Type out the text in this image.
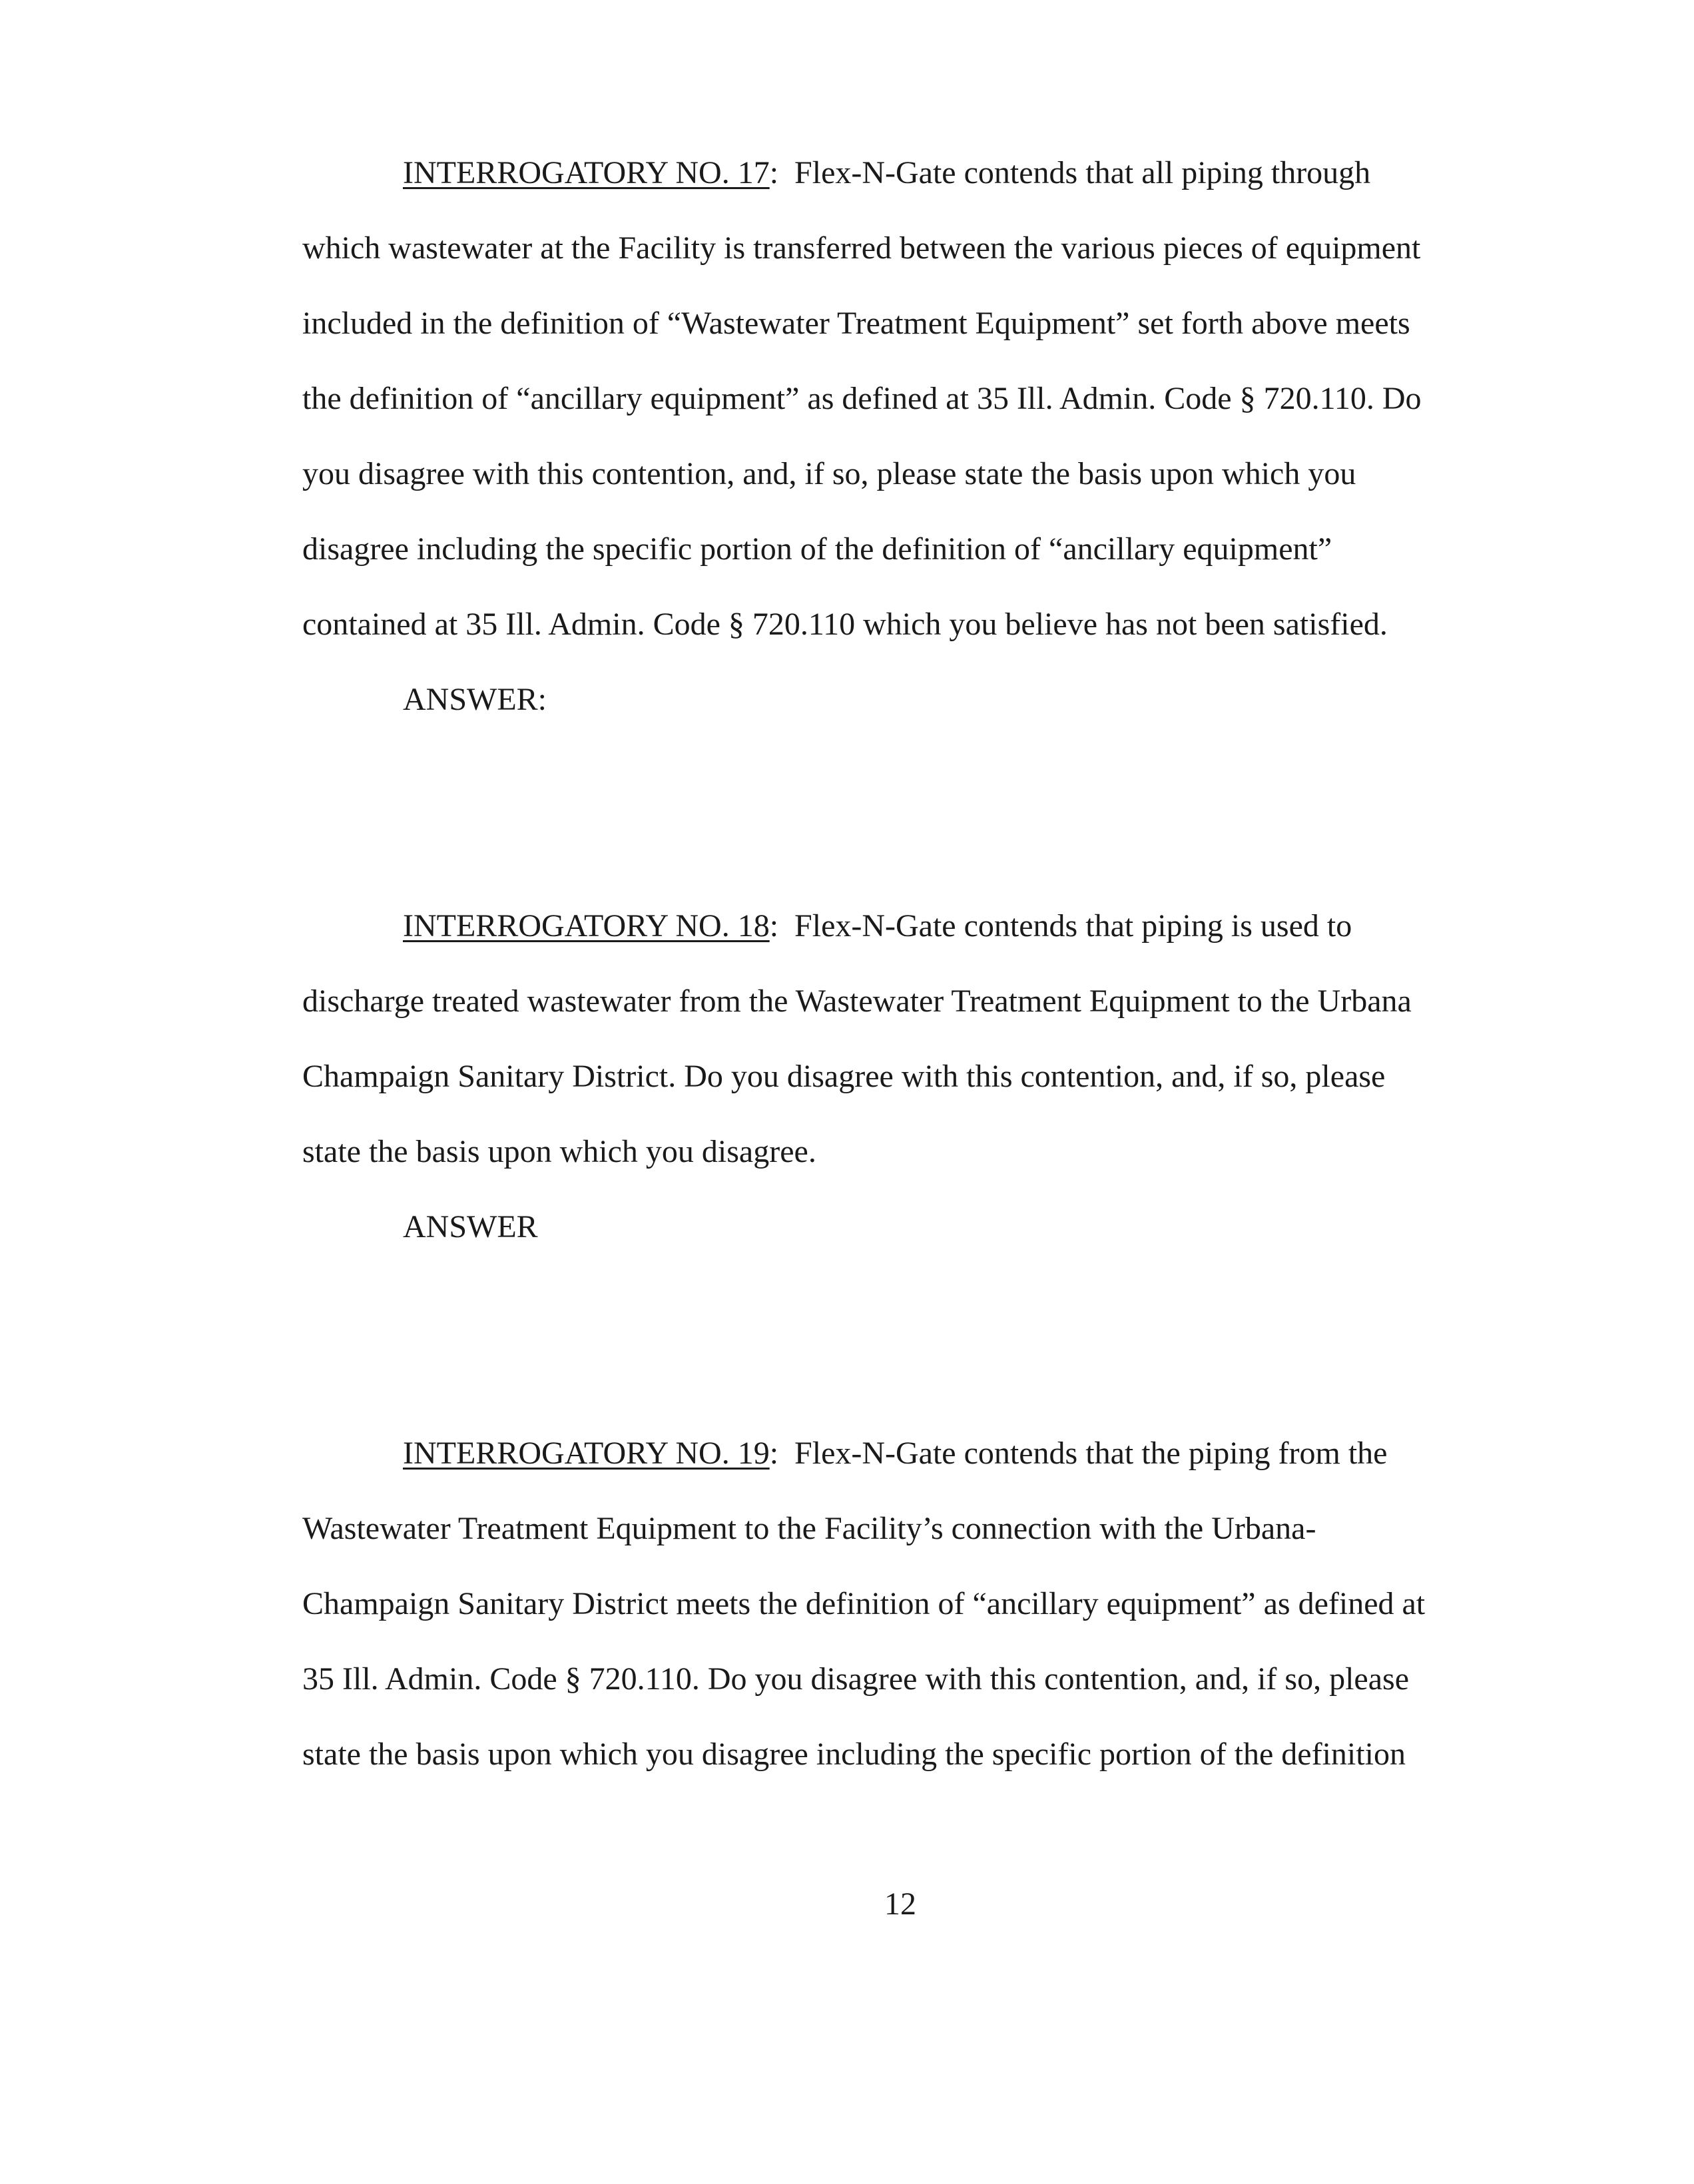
INTERROGATORY NO. 17:  Flex-N-Gate contends that all piping through
which wastewater at the Facility is transferred between the various pieces of equipment
included in the definition of “Wastewater Treatment Equipment” set forth above meets
the definition of “ancillary equipment” as defined at 35 Ill. Admin. Code § 720.110. Do
you disagree with this contention, and, if so, please state the basis upon which you
disagree including the specific portion of the definition of “ancillary equipment”
contained at 35 Ill. Admin. Code § 720.110 which you believe has not been satisfied.
ANSWER:
INTERROGATORY NO. 18:  Flex-N-Gate contends that piping is used to
discharge treated wastewater from the Wastewater Treatment Equipment to the Urbana
Champaign Sanitary District. Do you disagree with this contention, and, if so, please
state the basis upon which you disagree.
ANSWER
INTERROGATORY NO. 19:  Flex-N-Gate contends that the piping from the
Wastewater Treatment Equipment to the Facility’s connection with the Urbana-
Champaign Sanitary District meets the definition of “ancillary equipment” as defined at
35 Ill. Admin. Code § 720.110. Do you disagree with this contention, and, if so, please
state the basis upon which you disagree including the specific portion of the definition
12
